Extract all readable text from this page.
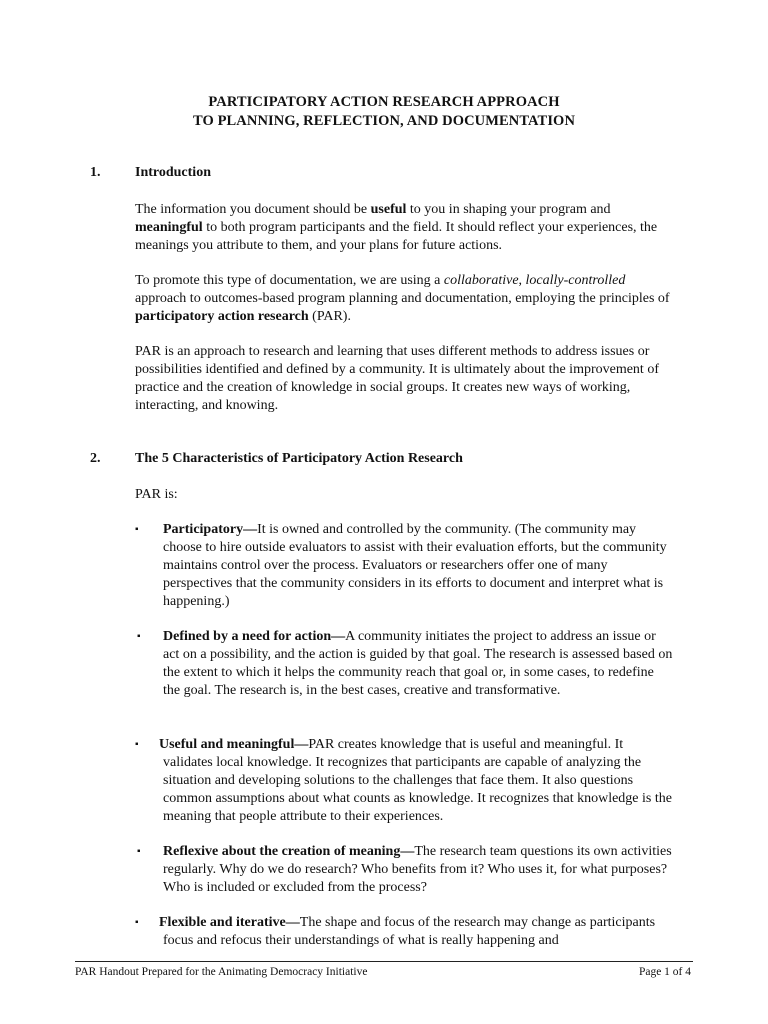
PARTICIPATORY ACTION RESEARCH APPROACH
TO PLANNING, REFLECTION, AND DOCUMENTATION
1. Introduction

The information you document should be useful to you in shaping your program and meaningful to both program participants and the field. It should reflect your experiences, the meanings you attribute to them, and your plans for future actions.

To promote this type of documentation, we are using a collaborative, locally-controlled approach to outcomes-based program planning and documentation, employing the principles of participatory action research (PAR).

PAR is an approach to research and learning that uses different methods to address issues or possibilities identified and defined by a community. It is ultimately about the improvement of practice and the creation of knowledge in social groups. It creates new ways of working, interacting, and knowing.

2. The 5 Characteristics of Participatory Action Research

PAR is:

▪ Participatory—It is owned and controlled by the community. (The community may choose to hire outside evaluators to assist with their evaluation efforts, but the community maintains control over the process. Evaluators or researchers offer one of many perspectives that the community considers in its efforts to document and interpret what is happening.)

▪ Defined by a need for action—A community initiates the project to address an issue or act on a possibility, and the action is guided by that goal. The research is assessed based on the extent to which it helps the community reach that goal or, in some cases, to redefine the goal. The research is, in the best cases, creative and transformative.

▪ Useful and meaningful—PAR creates knowledge that is useful and meaningful. It validates local knowledge. It recognizes that participants are capable of analyzing the situation and developing solutions to the challenges that face them. It also questions common assumptions about what counts as knowledge. It recognizes that knowledge is the meaning that people attribute to their experiences.

▪ Reflexive about the creation of meaning—The research team questions its own activities regularly. Why do we do research? Who benefits from it? Who uses it, for what purposes? Who is included or excluded from the process?

▪ Flexible and iterative—The shape and focus of the research may change as participants focus and refocus their understandings of what is really happening and

PAR Handout Prepared for the Animating Democracy Initiative	Page 1 of 4
